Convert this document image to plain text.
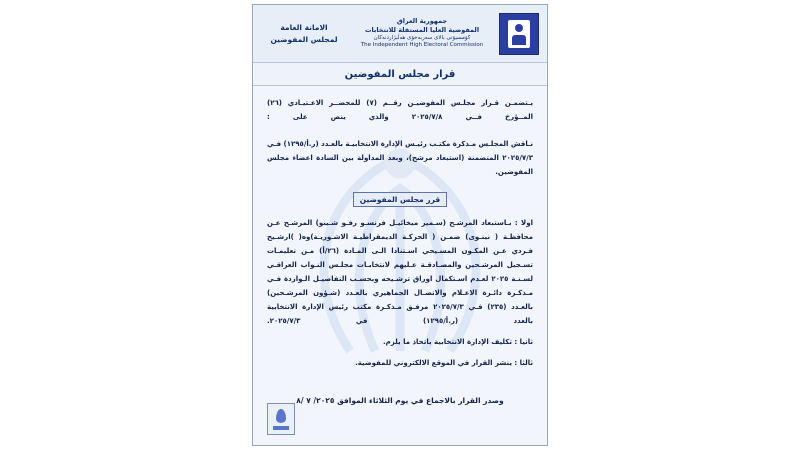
الامانة العامة
لمجلس المفوضين
جمهورية العراق
المفوضية العليا المستقلة للانتخابات
کۆمسیۆنی بالای سەربەخۆی هەڵبژاردنەکان
The Independent High Electoral Commission
قرار مجلس المفوضين
يـتضمـن قـرار مجلـس المفوضيـن رقــم (٧) للمحضــر الاعـتيـادي (٢٦) المــؤرخ فــي ٢٠٢٥/٧/٨ والذي ينص على :
نـاقش المجلـس مـذكرة مكتـب رئيـس الإدارة الانتخابيـة بالعـدد (ر.أ/١٢٩٥) فـي ٢٠٢٥/٧/٣ المتضمنة (استبعاد مرشح)، وبعد المداولة بين السادة اعضاء مجلس المفوضين.
قرر مجلس المفوضين
اولا : بـاستبعاد المرشـح (سـمير ميخائيـل فرنسـو رفـو شـينو) المرشـح عـن محافظـة ( نينـوى) ضمـن ( الحركـة الديمقراطيـة الاشـوريـة)وه( )ارشـيح فـردي عـن المكـون المسـيحي اسـتنادا الـى المـادة (٢٦/أ) مـن تعليمـات تسـجيل المرشـحين والمصـادقـة عـليهم لانتخابـات مجلـس النـواب العراقـي لسـنـة ٢٠٢٥ لعـدم اسـتكمال اوراق ترشـيحه وبحسـب التفاصيـل الـواردة فـي مـذكـرة دائـرة الاعـلام والاتصـال الجماهيري بالعـدد (شـؤون المرشـحين) بالعـدد (٢٣٥) فـي ٢٠٢٥/٧/٣ مرفـق مـذكـرة مكتب رئيس الإدارة الانتخابية بالعدد (ر.أ/١٢٩٥) في ٢٠٢٥/٧/٣.
ثانيا : تكليف الإدارة الانتخابية باتخاذ ما يلزم.
ثالثا : ينشر القرار في الموقع الالكتروني للمفوضية.
وصدر القرار بالاجماع في يوم الثلاثاء الموافق ٢٠٢٥/ ٧ /٨
